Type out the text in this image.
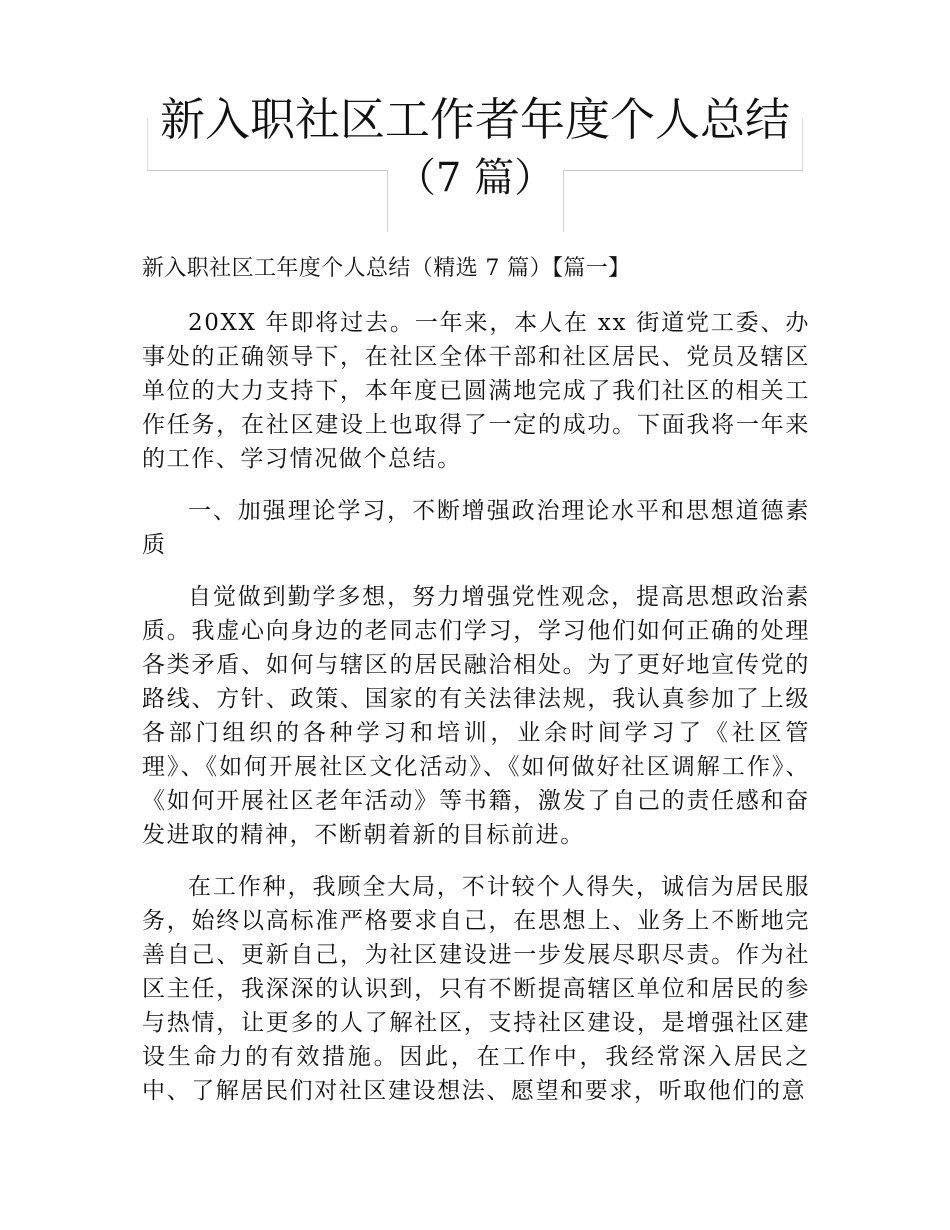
新入职社区工作者年度个人总结
（7 篇）
新入职社区工年度个人总结（精选 7 篇）【篇一】

20XX 年即将过去。一年来，本人在 xx 街道党工委、办事处的正确领导下，在社区全体干部和社区居民、党员及辖区单位的大力支持下，本年度已圆满地完成了我们社区的相关工作任务，在社区建设上也取得了一定的成功。下面我将一年来的工作、学习情况做个总结。

一、加强理论学习，不断增强政治理论水平和思想道德素质

自觉做到勤学多想，努力增强党性观念，提高思想政治素质。我虚心向身边的老同志们学习，学习他们如何正确的处理各类矛盾、如何与辖区的居民融洽相处。为了更好地宣传党的路线、方针、政策、国家的有关法律法规，我认真参加了上级各部门组织的各种学习和培训，业余时间学习了《社区管理》、《如何开展社区文化活动》、《如何做好社区调解工作》、《如何开展社区老年活动》等书籍，激发了自己的责任感和奋发进取的精神，不断朝着新的目标前进。

在工作种，我顾全大局，不计较个人得失，诚信为居民服务，始终以高标准严格要求自己，在思想上、业务上不断地完善自己、更新自己，为社区建设进一步发展尽职尽责。作为社区主任，我深深的认识到，只有不断提高辖区单位和居民的参与热情，让更多的人了解社区，支持社区建设，是增强社区建设生命力的有效措施。因此，在工作中，我经常深入居民之中、了解居民们对社区建设想法、愿望和要求，听取他们的意
